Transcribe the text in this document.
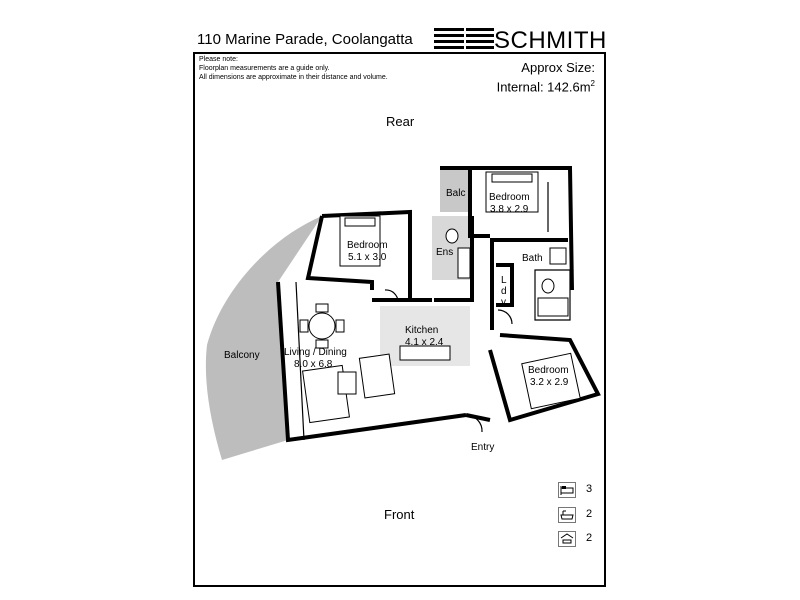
110 Marine Parade, Coolangatta	SCHMITH
Please note:
Floorplan measurements are a guide only.
All dimensions are approximate in their distance and volume.
Approx Size:
Internal: $142.6m^2$
Rear
Front
Balc Bedroom
3.8 x 2.9
Bedroom
5.1 x 3.0	Ens
Bath
L
d
y
Kitchen
4.1 x 2.4
Living / Dining
8.0 x 6.8
Balcony
Bedroom
3.2 x 2.9
Entry
3
2
2
